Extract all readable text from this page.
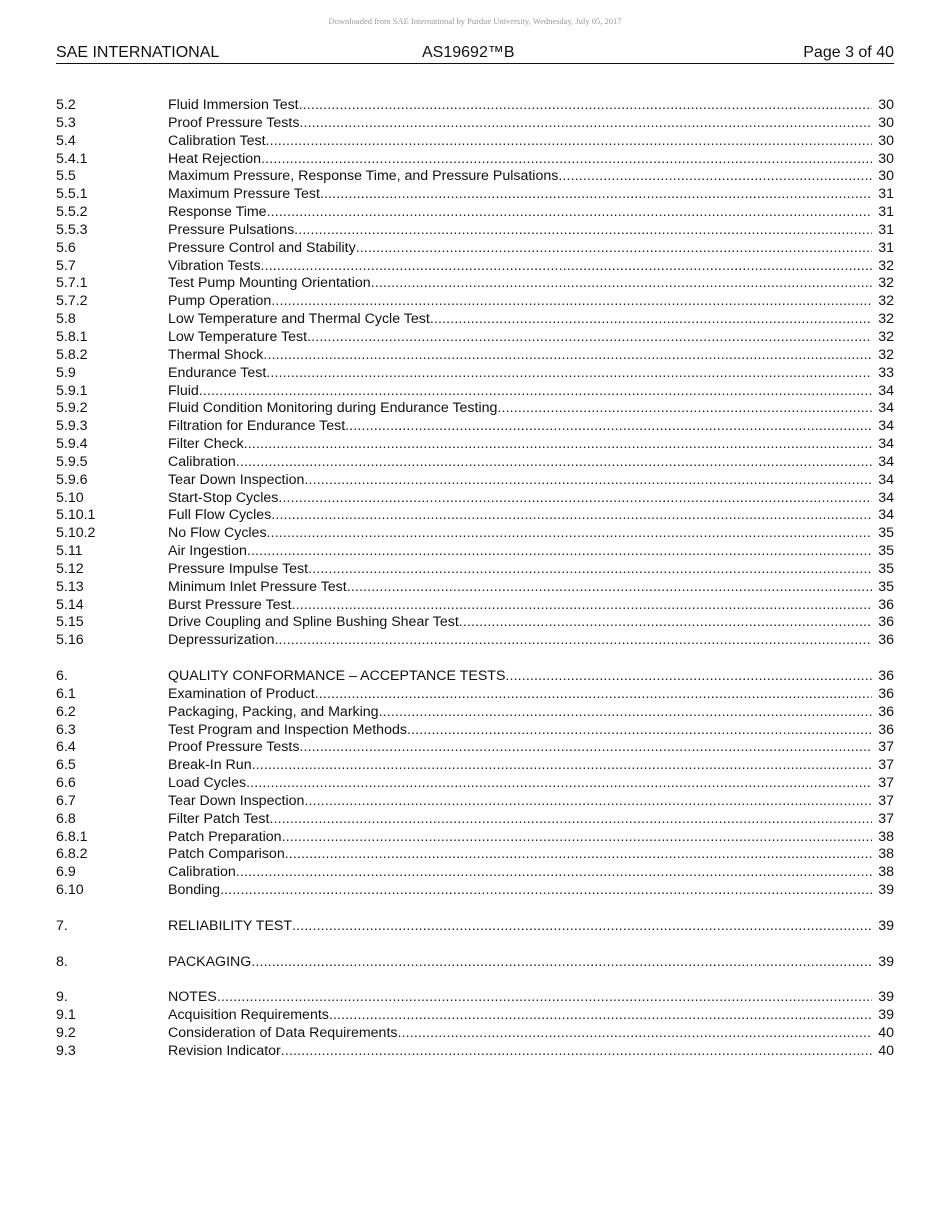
Downloaded from SAE International by Purdue University, Wednesday, July 05, 2017
SAE INTERNATIONAL	AS19692™B	Page 3 of 40
5.2	Fluid Immersion Test . . .	30
5.3	Proof Pressure Tests . . .	30
5.4	Calibration Test . . .	30
5.4.1	Heat Rejection . . .	30
5.5	Maximum Pressure, Response Time, and Pressure Pulsations . . .	30
5.5.1	Maximum Pressure Test . . .	31
5.5.2	Response Time . . .	31
5.5.3	Pressure Pulsations . . .	31
5.6	Pressure Control and Stability . . .	31
5.7	Vibration Tests . . .	32
5.7.1	Test Pump Mounting Orientation . . .	32
5.7.2	Pump Operation . . .	32
5.8	Low Temperature and Thermal Cycle Test . . .	32
5.8.1	Low Temperature Test . . .	32
5.8.2	Thermal Shock . . .	32
5.9	Endurance Test . . .	33
5.9.1	Fluid . . .	34
5.9.2	Fluid Condition Monitoring during Endurance Testing . . .	34
5.9.3	Filtration for Endurance Test . . .	34
5.9.4	Filter Check . . .	34
5.9.5	Calibration . . .	34
5.9.6	Tear Down Inspection . . .	34
5.10	Start-Stop Cycles . . .	34
5.10.1	Full Flow Cycles . . .	34
5.10.2	No Flow Cycles . . .	35
5.11	Air Ingestion . . .	35
5.12	Pressure Impulse Test . . .	35
5.13	Minimum Inlet Pressure Test . . .	35
5.14	Burst Pressure Test . . .	36
5.15	Drive Coupling and Spline Bushing Shear Test . . .	36
5.16	Depressurization . . .	36
6.	QUALITY CONFORMANCE – ACCEPTANCE TESTS . . .	36
6.1	Examination of Product . . .	36
6.2	Packaging, Packing, and Marking . . .	36
6.3	Test Program and Inspection Methods . . .	36
6.4	Proof Pressure Tests . . .	37
6.5	Break-In Run . . .	37
6.6	Load Cycles . . .	37
6.7	Tear Down Inspection . . .	37
6.8	Filter Patch Test . . .	37
6.8.1	Patch Preparation . . .	38
6.8.2	Patch Comparison . . .	38
6.9	Calibration . . .	38
6.10	Bonding . . .	39
7.	RELIABILITY TEST . . .	39
8.	PACKAGING . . .	39
9.	NOTES . . .	39
9.1	Acquisition Requirements . . .	39
9.2	Consideration of Data Requirements . . .	40
9.3	Revision Indicator . . .	40
